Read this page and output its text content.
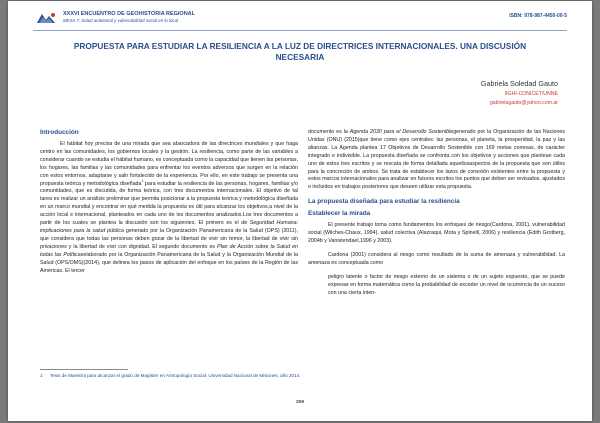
XXXVI ENCUENTRO DE GEOHISTORIA REGIONAL
MESA 7: Salud ambiental y vulnerabilidad social en lo local
ISBN: 978-987-4450-00-5
PROPUESTA PARA ESTUDIAR LA RESILIENCIA A LA LUZ DE DIRECTRICES INTERNACIONALES. UNA DISCUSIÓN NECESARIA
Gabriela Soledad Gauto
IIGHI-CONICET/UNNE
gabrielagauto@yahoo.com.ar
Introducción

El hábitat hoy precisa de una mirada que sea abarcadora de las directrices mundiales y que haga centro en las comunidades, los gobiernos locales y la gestión. La resiliencia, como parte de las variables a considerar cuando se estudia el hábitat humano, es conceptuada como la capacidad que tienen las personas, los hogares, las familias y las comunidades para enfrentar los eventos adversos que surgen en la relación con estos entornos, adaptarse y salir fortalecido de la experiencia. Por ello, en este trabajo se presenta una propuesta teórica y metodológica diseñada$^1$ para estudiar la resiliencia de las personas, hogares, familias y/o comunidades, que es discutida, de forma teórica, con tres documentos internacionales. El objetivo de tal tarea es realizar un análisis preliminar que permita posicionar a la propuesta teórica y metodológica diseñada en un marco mundial y encontrar en qué medida la propuesta es útil para alcanzar los objetivos,a nivel de la acción local e internacional, planteados en cada uno de los documentos analizados.Los tres documentos a partir de los cuales se plantea la discusión son los siguientes. El primero es el de Seguridad Humana: implicaciones para la salud pública generado por la Organización Panamericana de la Salud (OPS) (2011), que considera que todas las personas deben gozar de la libertad de vivir sin temor, la libertad de vivir sin privaciones y la libertad de vivir con dignidad. El segundo documento es Plan de Acción sobre la Salud en todas las Políticaselaborado por la Organización Panamericana de la Salud y la Organización Mundial de la Salud (OPS/OMS)(2014), que delinea los pasos de aplicación del enfoque en los países de la Región de las Américas. El tercer

documento es la Agenda 2030 para el Desarrollo Sosteniblegenerado por la Organización de las Naciones Unidas (ONU) (2015)que tiene como ejes centrales: las personas, el planeta, la prosperidad, la paz y las alianzas. La Agenda plantea 17 Objetivos de Desarrollo Sostenible con 169 metas conexas, de carácter integrado e indivisible. La propuesta diseñada se confronta con los objetivos y acciones que plantean cada uno de estos tres escritos y se rescata de forma detallada aquellosaspectos de la propuesta que son útiles para la concreción de ambos. Se trata de establecer los lazos de conexión existentes entre la propuesta y estos marcos internacionales para analizar en futuros escritos los puntos que deben ser revisados, ajustados o incluidos en trabajos posteriores que deseen utilizar esta propuesta.

La propuesta diseñada para estudiar la resiliencia
Establecer la mirada

El presente trabajo toma como fundamentos los enfoques de riesgo(Cardona, 2001), vulnerabilidad social (Wilches-Chaux, 1994), salud colectiva (Alazraqui, Mota y Spinelli, 2006) y resiliencia (Edith Grotberg, 2004b y Vanistendael,1996 y 2003).

Cardona (2001) considera al riesgo como resultado de la suma de amenaza y vulnerabilidad. La amenaza es conceptuada como

peligro latente o factor de riesgo externo de un sistema o de un sujeto expuesto, que se puede expresar en forma matemática como la probabilidad de exceder un nivel de ocurrencia de un suceso con una cierta inten-

1	Tesis de Maestría para alcanzar el grado de Magíster en Antropología Social. Universidad Nacional de Misiones, año 2014.
259
